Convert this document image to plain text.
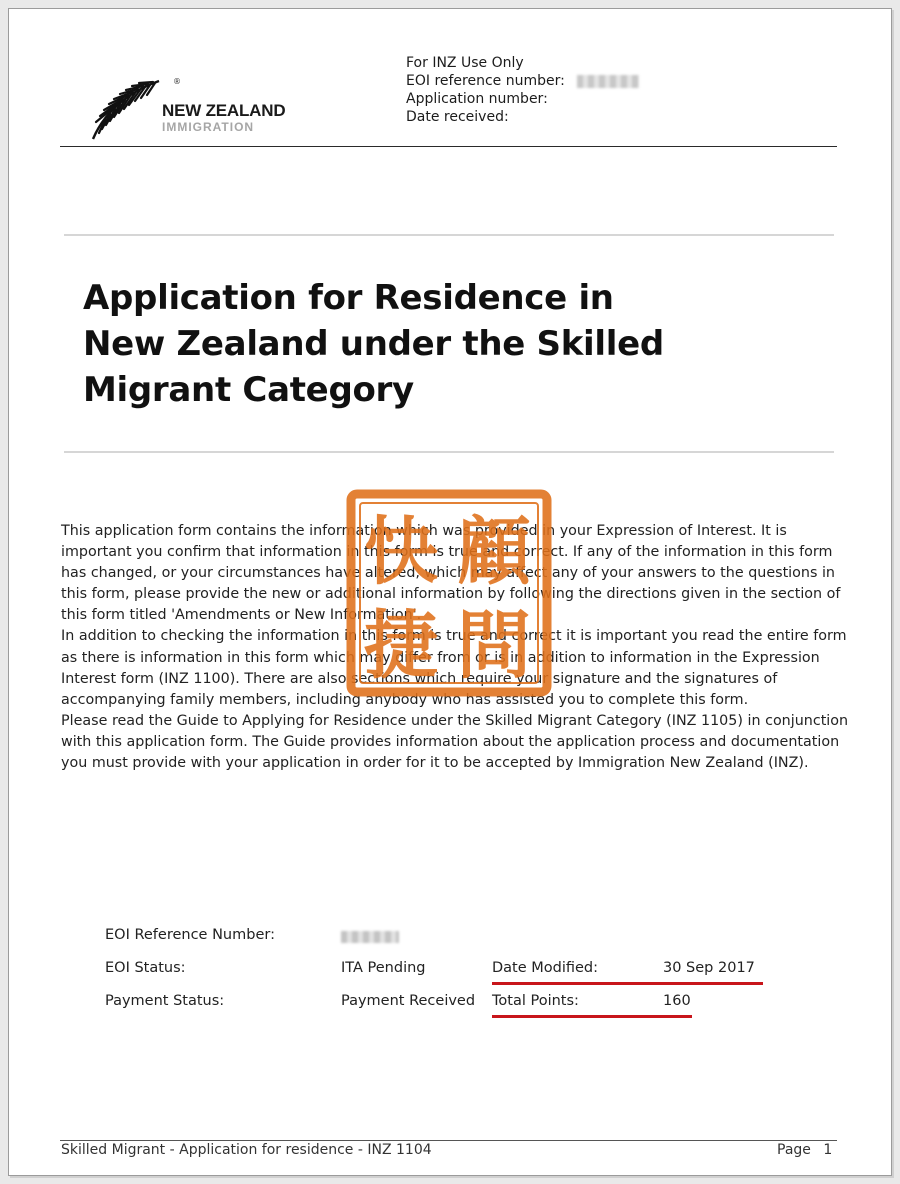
®
NEW ZEALAND
IMMIGRATION
For INZ Use Only
EOI reference number:
Application number:
Date received:
Application for Residence in
New Zealand under the Skilled
Migrant Category

This application form contains the information which was provided in your Expression of Interest. It is important you confirm that information in this form is true and correct. If any of the information in this form has changed, or your circumstances have altered, which may affect any of your answers to the questions in this form, please provide the new or additional information by following the directions given in the section of this form titled 'Amendments or New Information'.

In addition to checking the information in this form is true and correct it is important you read the entire form as there is information in this form which may differ from or is in addition to information in the Expression Interest form (INZ 1100). There are also sections which require your signature and the signatures of accompanying family members, including anybody who has assisted you to complete this form.

Please read the Guide to Applying for Residence under the Skilled Migrant Category (INZ 1105) in conjunction with this application form. The Guide provides information about the application process and documentation you must provide with your application in order for it to be accepted by Immigration New Zealand (INZ).

快 顧
捷 問
EOI Reference Number:
EOI Status:	ITA Pending	Date Modified:	30 Sep 2017
Payment Status:	Payment Received Total Points:	160
Skilled Migrant - Application for residence - INZ 1104	Page 1
